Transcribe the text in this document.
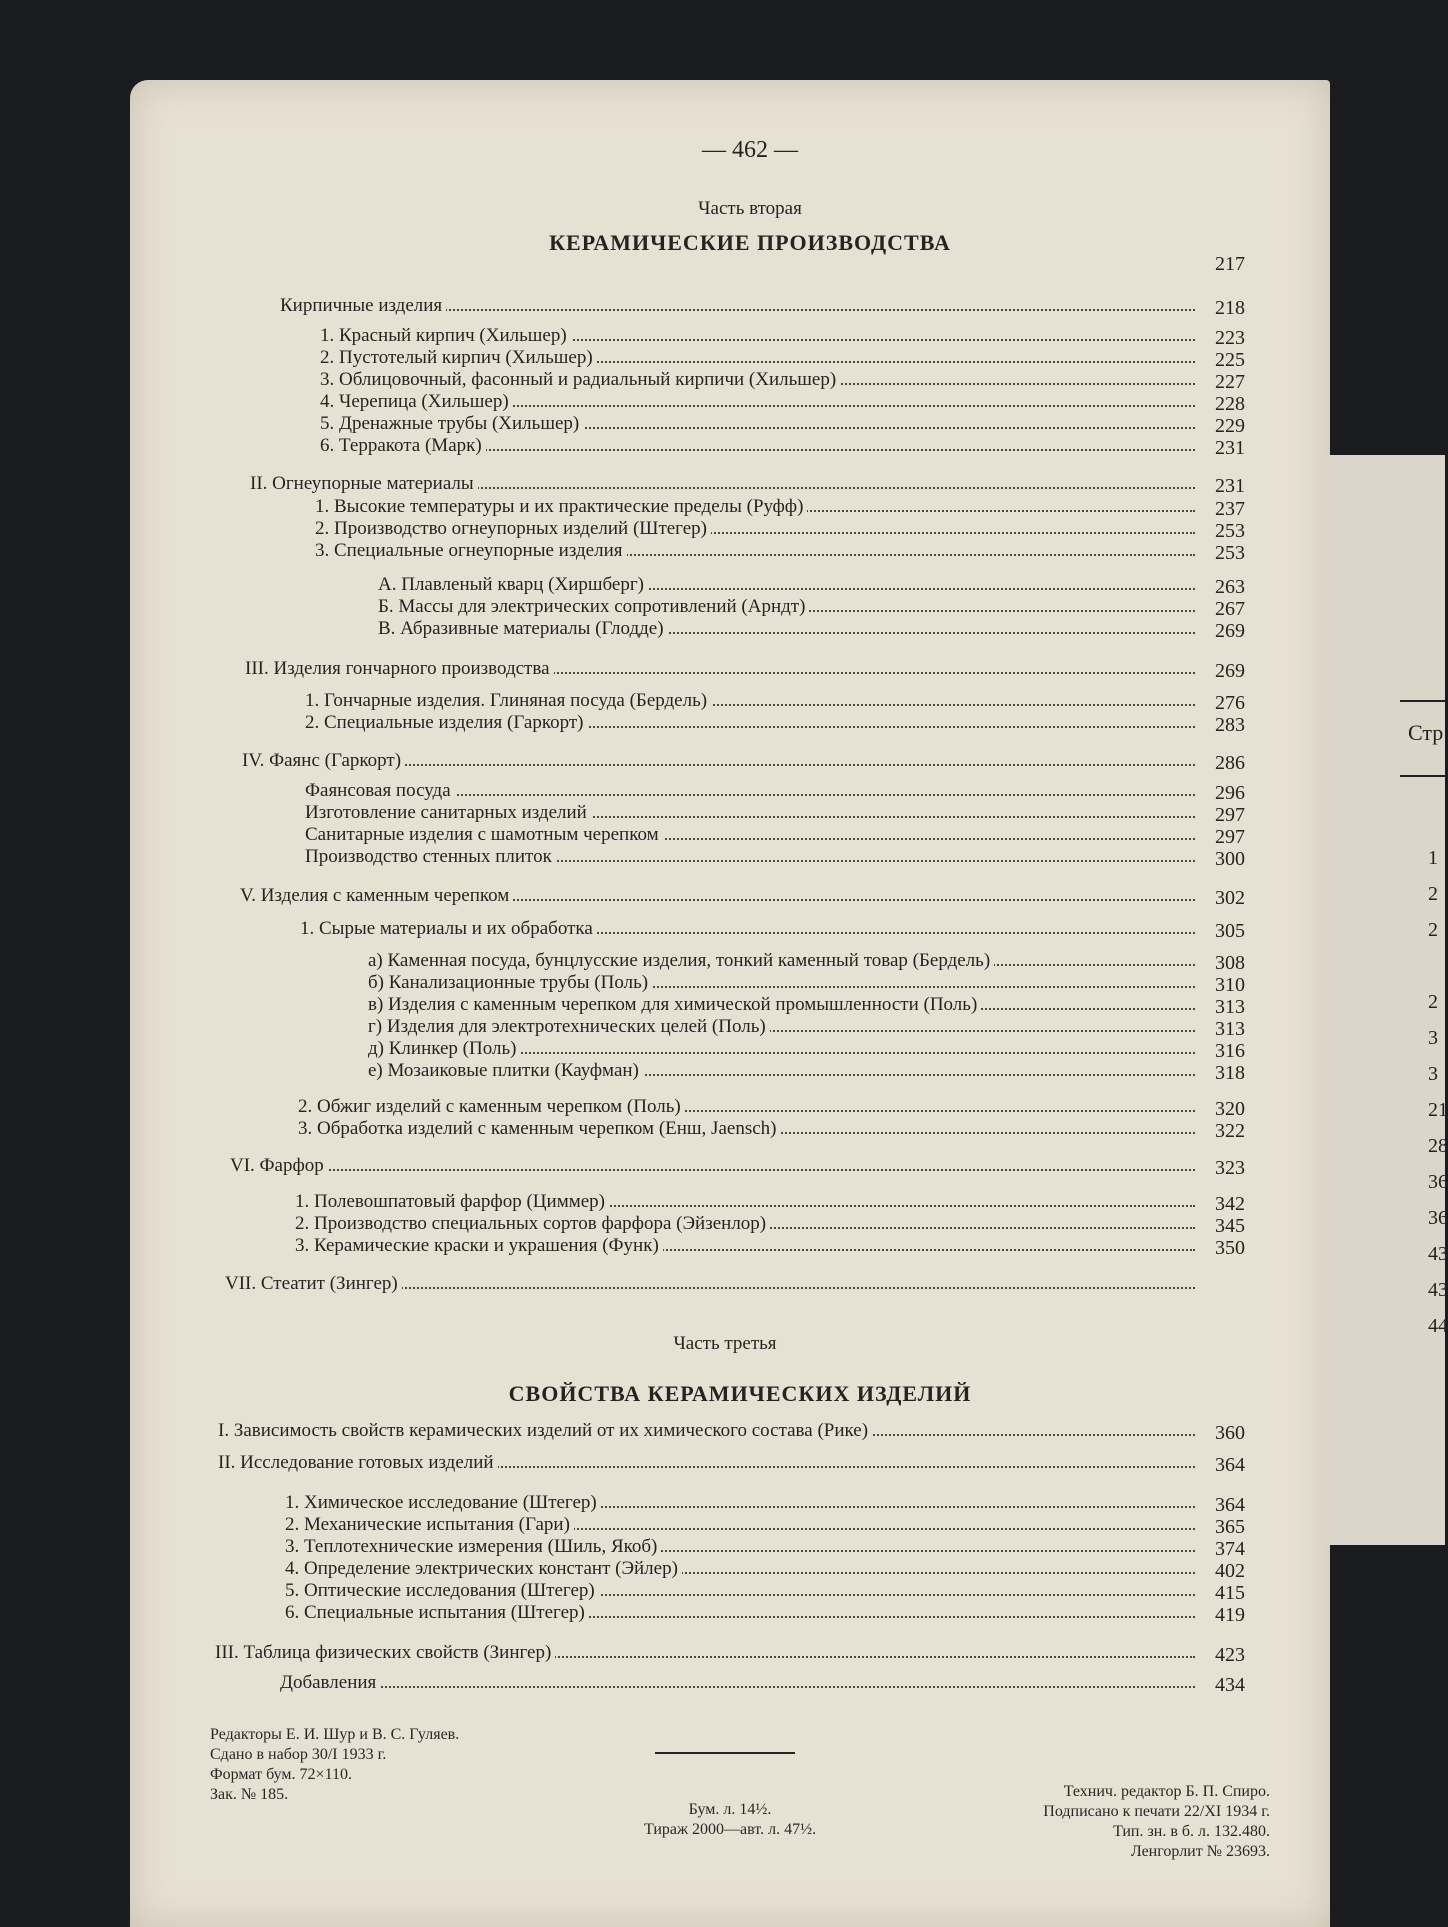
Стр
1
2
2

2
3
3
21
28
36
36
43
43
44
— 462 —
Часть вторая
КЕРАМИЧЕСКИЕ ПРОИЗВОДСТВА
217
Кирпичные изделия	218
1. Красный кирпич (Хильшер)	223
2. Пустотелый кирпич (Хильшер)	225
3. Облицовочный, фасонный и радиальный кирпичи (Хильшер)	227
4. Черепица (Хильшер)	228
5. Дренажные трубы (Хильшер)	229
6. Терракота (Марк)	231
II. Огнеупорные материалы	231
1. Высокие температуры и их практические пределы (Руфф)	237
2. Производство огнеупорных изделий (Штегер)	253
3. Специальные огнеупорные изделия	253
А. Плавленый кварц (Хиршберг)	263
Б. Массы для электрических сопротивлений (Арндт)	267
В. Абразивные материалы (Глодде)	269
III. Изделия гончарного производства	269
1. Гончарные изделия. Глиняная посуда (Бердель)	276
2. Специальные изделия (Гаркорт)	283
IV. Фаянс (Гаркорт)	286
Фаянсовая посуда	296
Изготовление санитарных изделий	297
Санитарные изделия с шамотным черепком	297
Производство стенных плиток	300
V. Изделия с каменным черепком	302
1. Сырые материалы и их обработка	305
а) Каменная посуда, бунцлусские изделия, тонкий каменный товар (Бердель)	308
б) Канализационные трубы (Поль)	310
в) Изделия с каменным черепком для химической промышленности (Поль)	313
г) Изделия для электротехнических целей (Поль)	313
д) Клинкер (Поль)	316
е) Мозаиковые плитки (Кауфман)	318
2. Обжиг изделий с каменным черепком (Поль)	320
3. Обработка изделий с каменным черепком (Енш, Jaensch)	322
VI. Фарфор	323
1. Полевошпатовый фарфор (Циммер)	342
2. Производство специальных сортов фарфора (Эйзенлор)	345
3. Керамические краски и украшения (Функ)	350
VII. Стеатит (Зингер)
Часть третья
СВОЙСТВА КЕРАМИЧЕСКИХ ИЗДЕЛИЙ
I. Зависимость свойств керамических изделий от их химического состава (Рике)	360
II. Исследование готовых изделий	364
1. Химическое исследование (Штегер)	364
2. Механические испытания (Гари)	365
3. Теплотехнические измерения (Шиль, Якоб)	374
4. Определение электрических констант (Эйлер)	402
5. Оптические исследования (Штегер)	415
6. Специальные испытания (Штегер)	419
III. Таблица физических свойств (Зингер)	423
Добавления	434
Редакторы Е. И. Шур и В. С. Гуляев.
Сдано в набор 30/I 1933 г.
Формат бум. 72×110.
Зак. № 185.
Бум. л. 14½.
Тираж 2000—авт. л. 47½.
Технич. редактор Б. П. Спиро.
Подписано к печати 22/XI 1934 г.
Тип. зн. в б. л. 132.480.
Ленгорлит № 23693.
